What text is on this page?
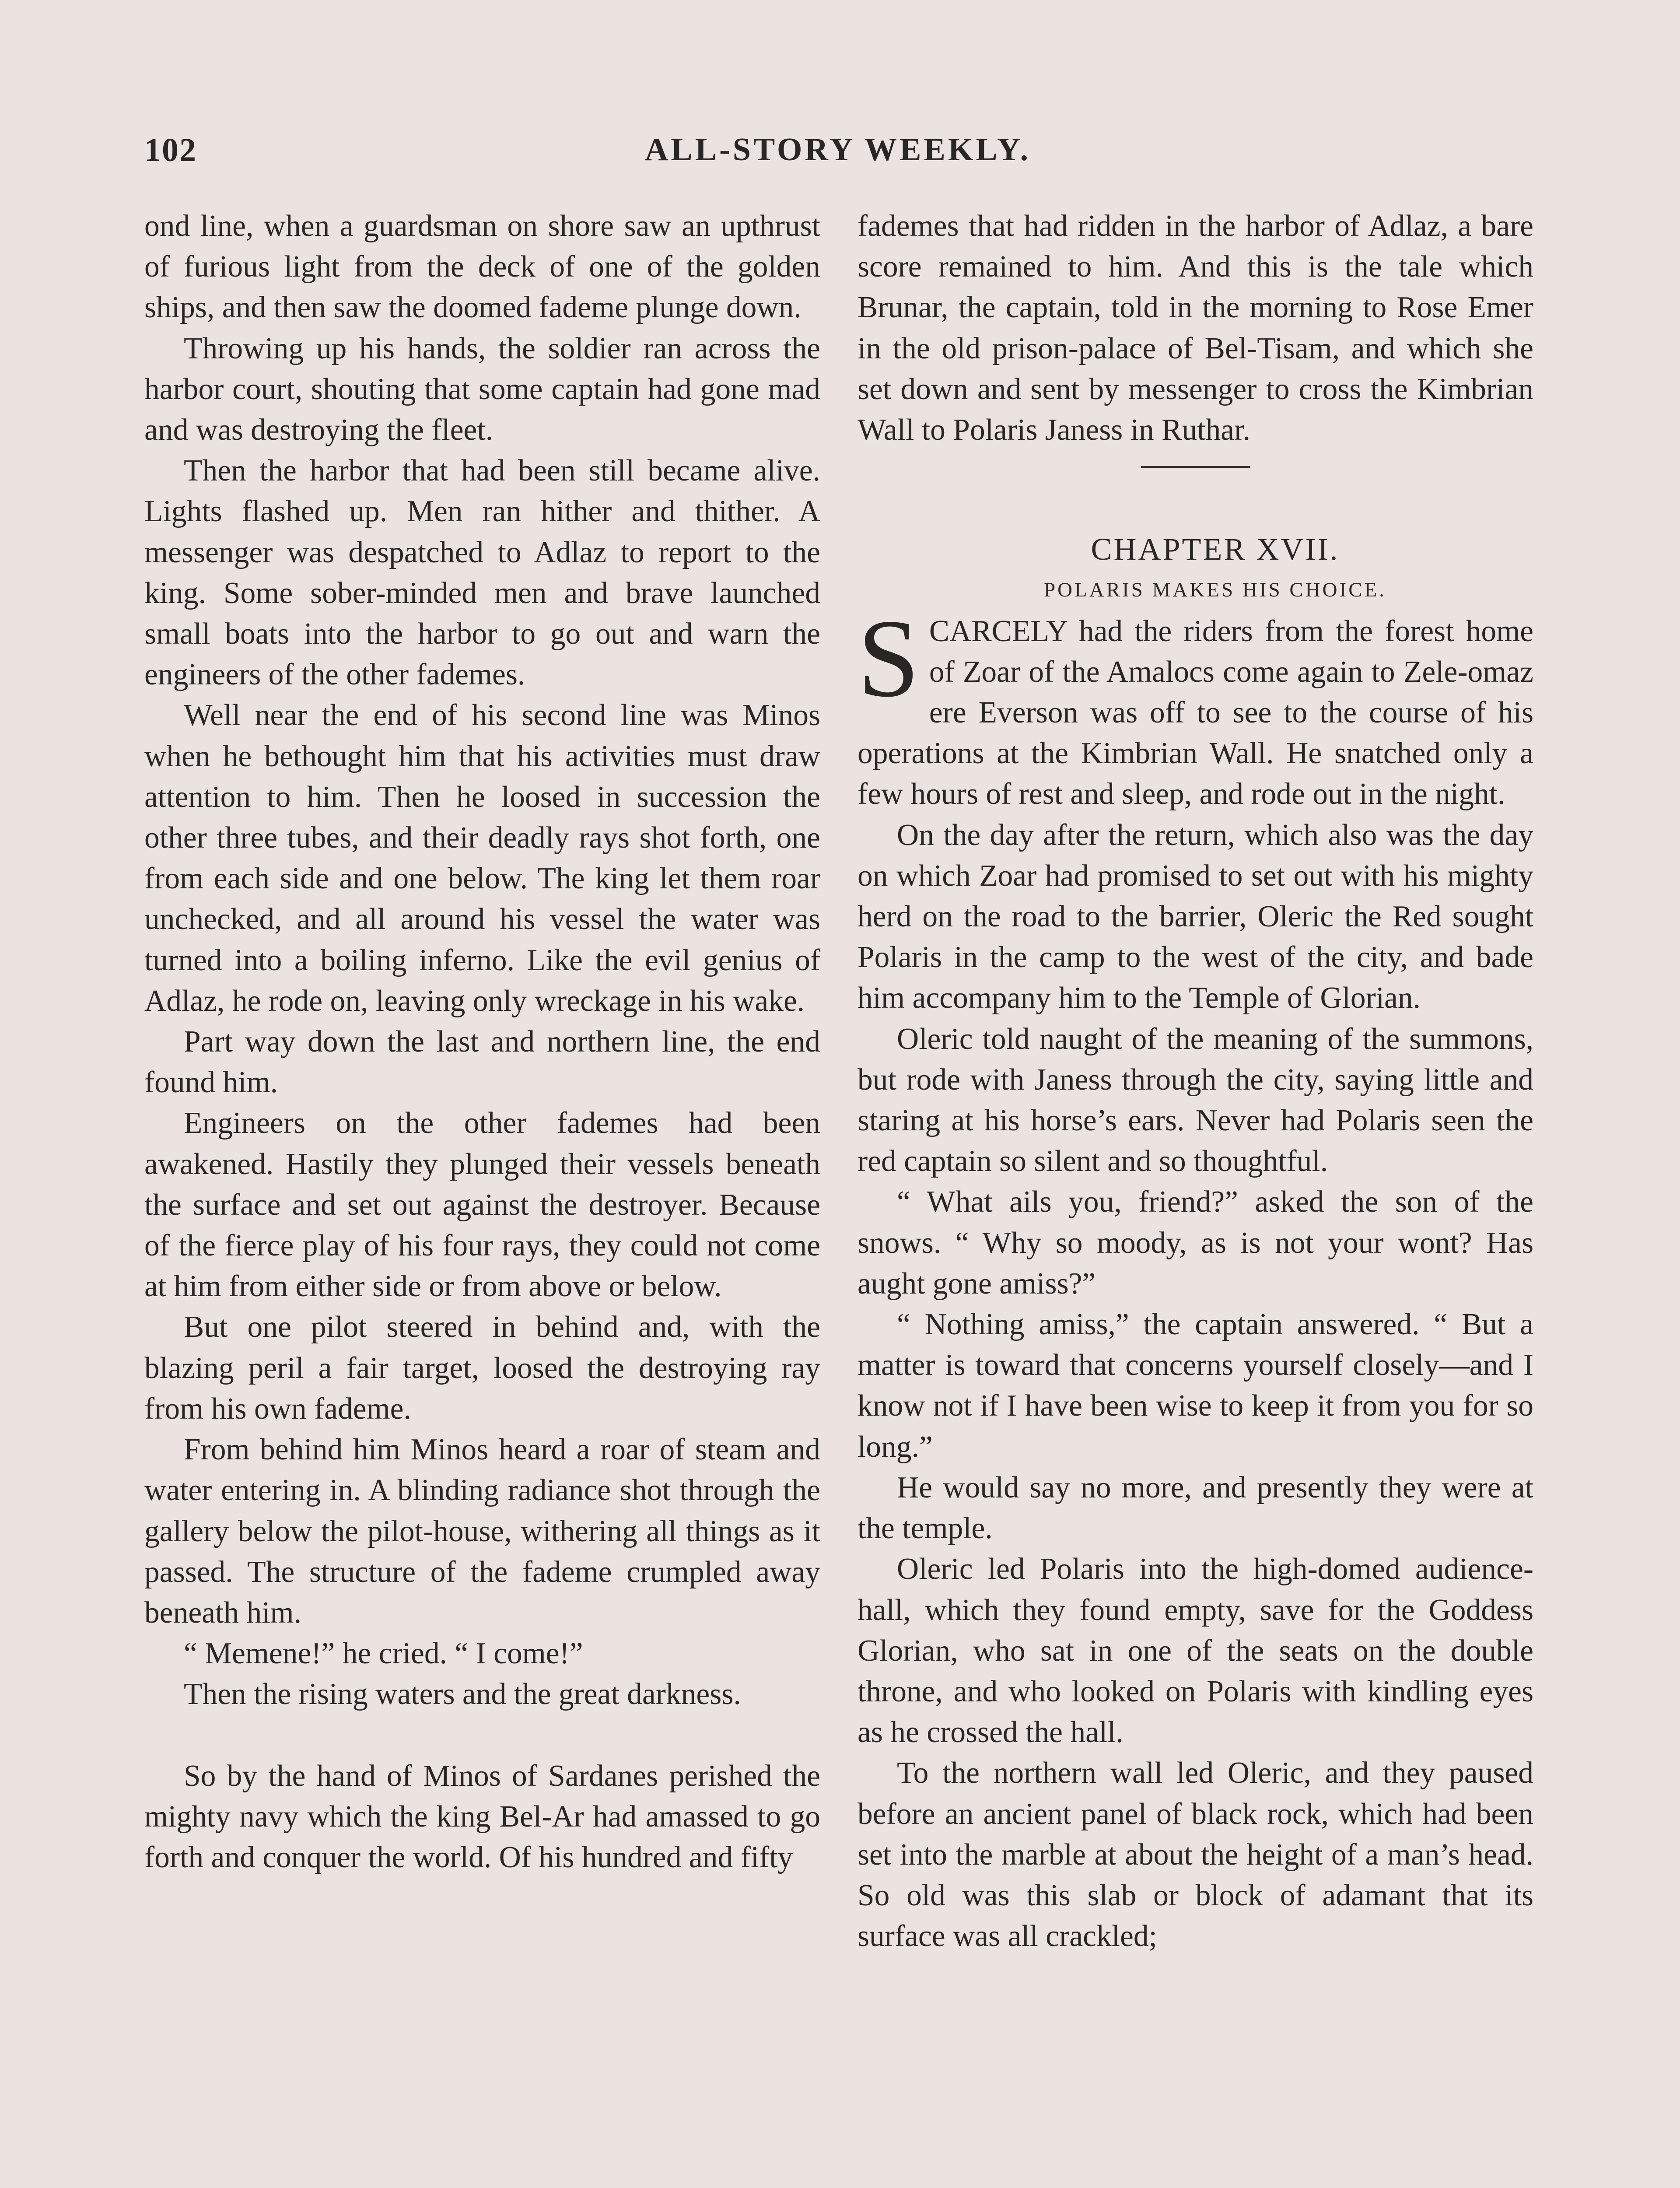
102	ALL-STORY WEEKLY.

ond line, when a guardsman on shore saw an upthrust of furious light from the deck of one of the golden ships, and then saw the doomed fademe plunge down.

Throwing up his hands, the soldier ran across the harbor court, shouting that some captain had gone mad and was destroying the fleet.

Then the harbor that had been still became alive. Lights flashed up. Men ran hither and thither. A messenger was despatched to Adlaz to report to the king. Some sober-minded men and brave launched small boats into the harbor to go out and warn the engineers of the other fademes.

Well near the end of his second line was Minos when he bethought him that his activities must draw attention to him. Then he loosed in succession the other three tubes, and their deadly rays shot forth, one from each side and one below. The king let them roar unchecked, and all around his vessel the water was turned into a boiling inferno. Like the evil genius of Adlaz, he rode on, leaving only wreckage in his wake.

Part way down the last and northern line, the end found him.

Engineers on the other fademes had been awakened. Hastily they plunged their vessels beneath the surface and set out against the destroyer. Because of the fierce play of his four rays, they could not come at him from either side or from above or below.

But one pilot steered in behind and, with the blazing peril a fair target, loosed the destroying ray from his own fademe.

From behind him Minos heard a roar of steam and water entering in. A blinding radiance shot through the gallery below the pilot-house, withering all things as it passed. The structure of the fademe crumpled away beneath him.

“ Memene!” he cried. “ I come!”

Then the rising waters and the great darkness.

So by the hand of Minos of Sardanes perished the mighty navy which the king Bel-Ar had amassed to go forth and conquer the world. Of his hundred and fifty

fademes that had ridden in the harbor of Adlaz, a bare score remained to him. And this is the tale which Brunar, the captain, told in the morning to Rose Emer in the old prison-palace of Bel-Tisam, and which she set down and sent by messenger to cross the Kimbrian Wall to Polaris Janess in Ruthar.

CHAPTER XVII.

POLARIS MAKES HIS CHOICE.

SCARCELY had the riders from the forest home of Zoar of the Amalocs come again to Zele-omaz ere Everson was off to see to the course of his operations at the Kimbrian Wall. He snatched only a few hours of rest and sleep, and rode out in the night.

On the day after the return, which also was the day on which Zoar had promised to set out with his mighty herd on the road to the barrier, Oleric the Red sought Polaris in the camp to the west of the city, and bade him accompany him to the Temple of Glorian.

Oleric told naught of the meaning of the summons, but rode with Janess through the city, saying little and staring at his horse’s ears. Never had Polaris seen the red captain so silent and so thoughtful.

“ What ails you, friend?” asked the son of the snows. “ Why so moody, as is not your wont? Has aught gone amiss?”

“ Nothing amiss,” the captain answered. “ But a matter is toward that concerns yourself closely—and I know not if I have been wise to keep it from you for so long.”

He would say no more, and presently they were at the temple.

Oleric led Polaris into the high-domed audience-hall, which they found empty, save for the Goddess Glorian, who sat in one of the seats on the double throne, and who looked on Polaris with kindling eyes as he crossed the hall.

To the northern wall led Oleric, and they paused before an ancient panel of black rock, which had been set into the marble at about the height of a man’s head. So old was this slab or block of adamant that its surface was all crackled;
